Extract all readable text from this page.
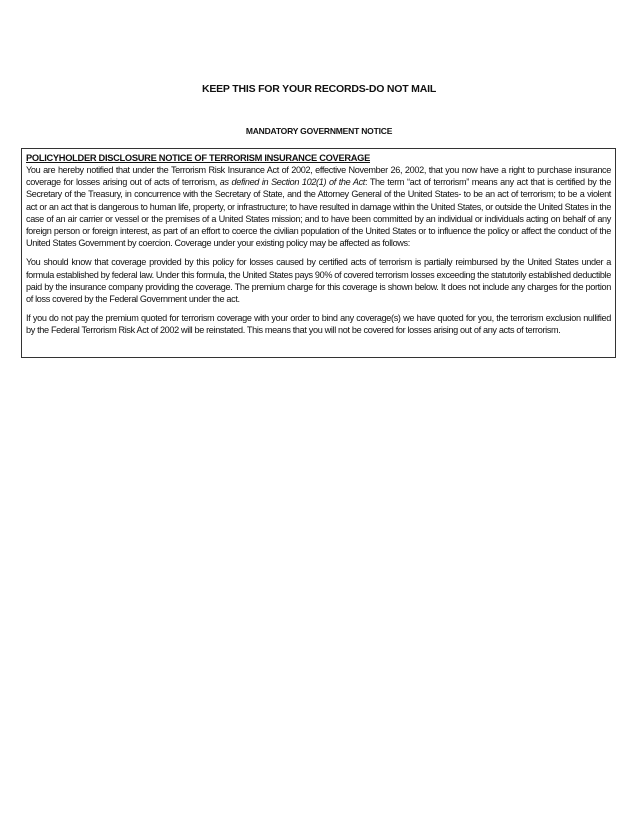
KEEP THIS FOR YOUR RECORDS-DO NOT MAIL
MANDATORY GOVERNMENT NOTICE

POLICYHOLDER DISCLOSURE NOTICE OF TERRORISM INSURANCE COVERAGE

You are hereby notified that under the Terrorism Risk Insurance Act of 2002, effective November 26, 2002, that you now have a right to purchase insurance coverage for losses arising out of acts of terrorism, as defined in Section 102(1) of the Act: The term “act of terrorism” means any act that is certified by the Secretary of the Treasury, in concurrence with the Secretary of State, and the Attorney General of the United States- to be an act of terrorism; to be a violent act or an act that is dangerous to human life, property, or infrastructure; to have resulted in damage within the United States, or outside the United States in the case of an air carrier or vessel or the premises of a United States mission; and to have been committed by an individual or individuals acting on behalf of any foreign person or foreign interest, as part of an effort to coerce the civilian population of the United States or to influence the policy or affect the conduct of the United States Government by coercion. Coverage under your existing policy may be affected as follows:

You should know that coverage provided by this policy for losses caused by certified acts of terrorism is partially reimbursed by the United States under a formula established by federal law. Under this formula, the United States pays 90% of covered terrorism losses exceeding the statutorily established deductible paid by the insurance company providing the coverage. The premium charge for this coverage is shown below. It does not include any charges for the portion of loss covered by the Federal Government under the act.

If you do not pay the premium quoted for terrorism coverage with your order to bind any coverage(s) we have quoted for you, the terrorism exclusion nullified by the Federal Terrorism Risk Act of 2002 will be reinstated. This means that you will not be covered for losses arising out of any acts of terrorism.
